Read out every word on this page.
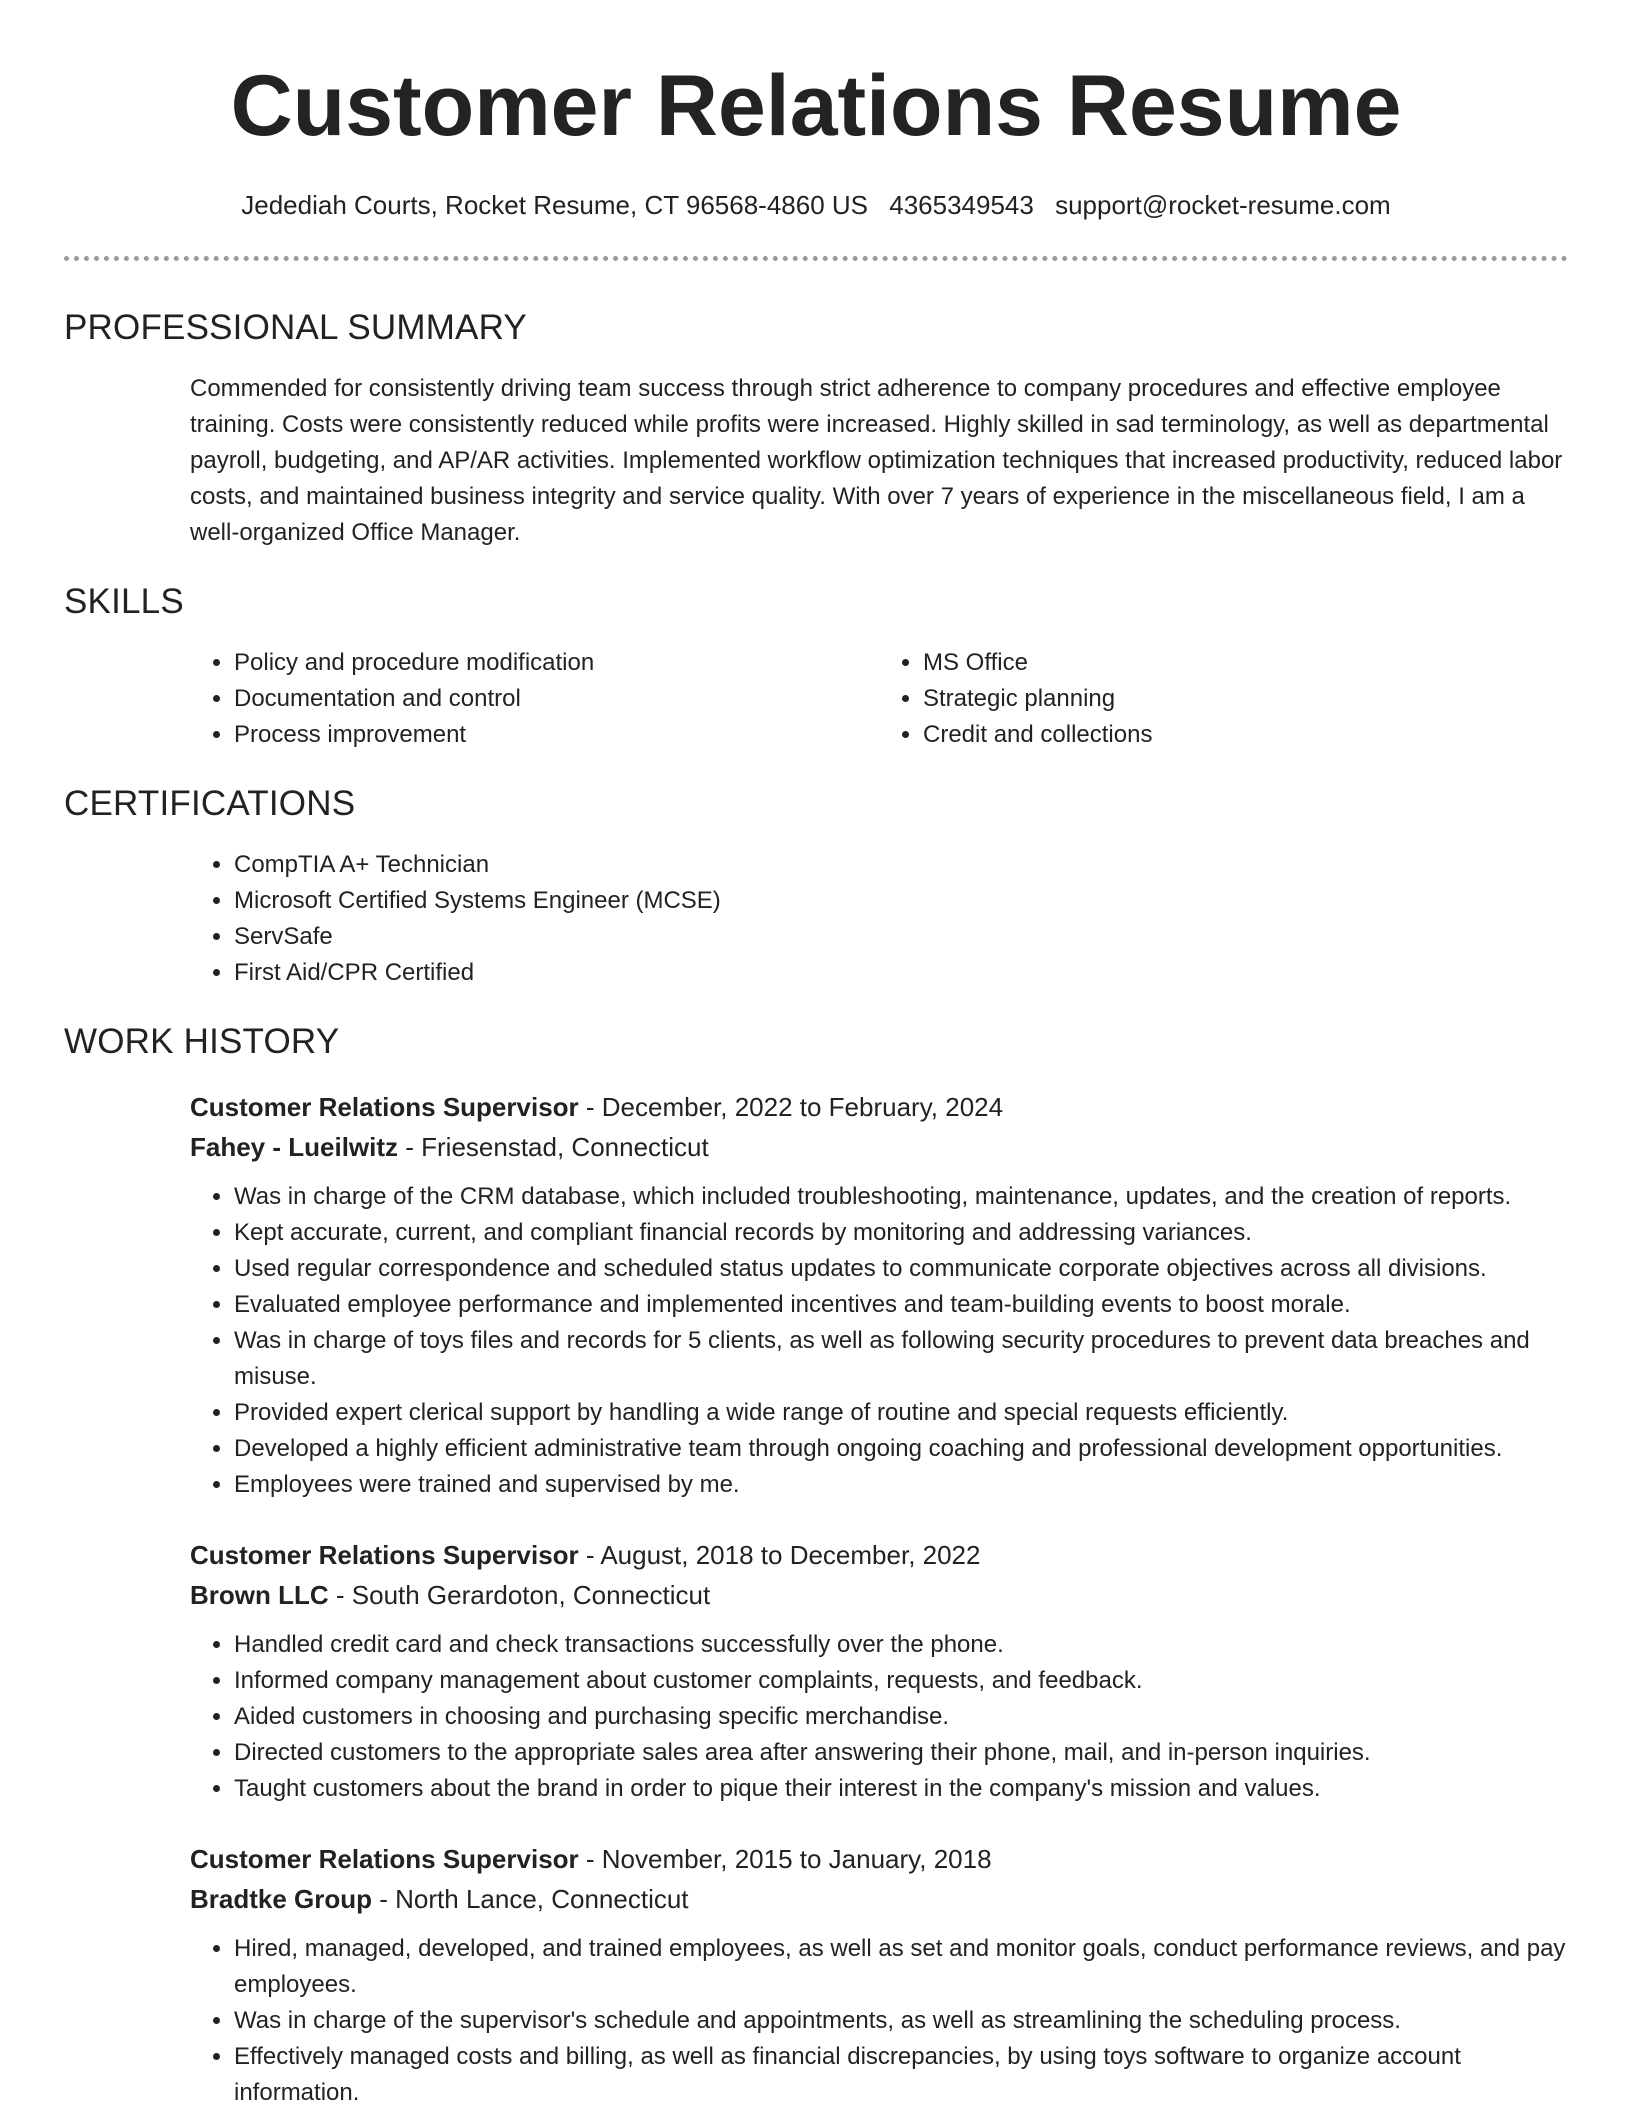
Customer Relations Resume
Jedediah Courts, Rocket Resume, CT 96568-4860 US 4365349543 support@rocket-resume.com
PROFESSIONAL SUMMARY
Commended for consistently driving team success through strict adherence to company procedures and effective employee training. Costs were consistently reduced while profits were increased. Highly skilled in sad terminology, as well as departmental payroll, budgeting, and AP/AR activities. Implemented workflow optimization techniques that increased productivity, reduced labor costs, and maintained business integrity and service quality. With over 7 years of experience in the miscellaneous field, I am a well-organized Office Manager.
SKILLS
• Policy and procedure modification
• Documentation and control
• Process improvement
• MS Office
• Strategic planning
• Credit and collections
CERTIFICATIONS
• CompTIA A+ Technician
• Microsoft Certified Systems Engineer (MCSE)
• ServSafe
• First Aid/CPR Certified
WORK HISTORY
Customer Relations Supervisor - December, 2022 to February, 2024
Fahey - Lueilwitz - Friesenstad, Connecticut
• Was in charge of the CRM database, which included troubleshooting, maintenance, updates, and the creation of reports.
• Kept accurate, current, and compliant financial records by monitoring and addressing variances.
• Used regular correspondence and scheduled status updates to communicate corporate objectives across all divisions.
• Evaluated employee performance and implemented incentives and team-building events to boost morale.
• Was in charge of toys files and records for 5 clients, as well as following security procedures to prevent data breaches and misuse.
• Provided expert clerical support by handling a wide range of routine and special requests efficiently.
• Developed a highly efficient administrative team through ongoing coaching and professional development opportunities.
• Employees were trained and supervised by me.
Customer Relations Supervisor - August, 2018 to December, 2022
Brown LLC - South Gerardoton, Connecticut
• Handled credit card and check transactions successfully over the phone.
• Informed company management about customer complaints, requests, and feedback.
• Aided customers in choosing and purchasing specific merchandise.
• Directed customers to the appropriate sales area after answering their phone, mail, and in-person inquiries.
• Taught customers about the brand in order to pique their interest in the company's mission and values.
Customer Relations Supervisor - November, 2015 to January, 2018
Bradtke Group - North Lance, Connecticut
• Hired, managed, developed, and trained employees, as well as set and monitor goals, conduct performance reviews, and pay employees.
• Was in charge of the supervisor's schedule and appointments, as well as streamlining the scheduling process.
• Effectively managed costs and billing, as well as financial discrepancies, by using toys software to organize account information.
